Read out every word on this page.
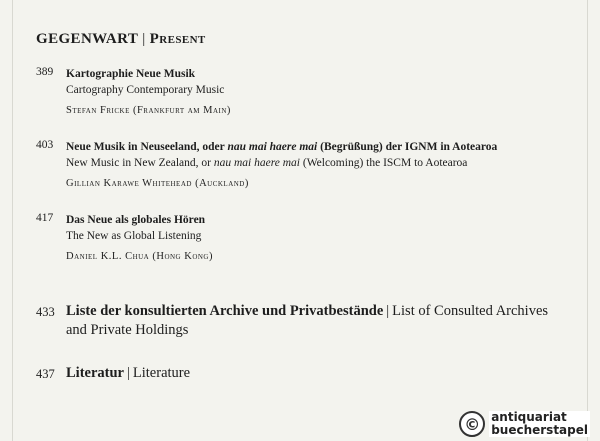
GEGENWART | Present
389 Kartographie Neue Musik
Cartography Contemporary Music
Stefan Fricke (Frankfurt am Main)
403 Neue Musik in Neuseeland, oder nau mai haere mai (Begrüßung) der IGNM in Aotearoa
New Music in New Zealand, or nau mai haere mai (Welcoming) the ISCM to Aotearoa
Gillian Karawe Whitehead (Auckland)
417 Das Neue als globales Hören
The New as Global Listening
Daniel K.L. Chua (Hong Kong)
433 Liste der konsultierten Archive und Privatbestände | List of Consulted Archives and Private Holdings
437 Literatur | Literature
© antiquariat
buecherstapel
